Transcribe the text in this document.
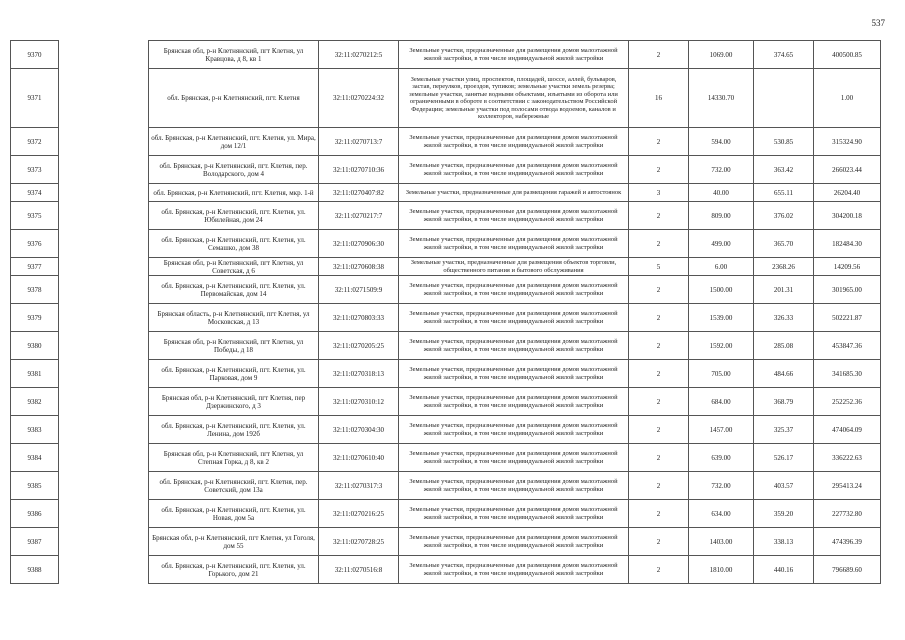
537
9370		Брянская обл, р-н Клетнянский, пгт Клетня, ул Кравцова, д 8, кв 1	32:11:0270212:5	Земельные участки, предназначенные для размещения домов малоэтажной жилой застройки, в том числе индивидуальной жилой застройки	2	1069.00	374.65	400500.85
9371		обл. Брянская, р-н Клетнянский, пгт. Клетня	32:11:0270224:32	Земельные участки улиц, проспектов, площадей, шоссе, аллей, бульваров, застав, переулков, проездов, тупиков; земельные участки земель резерва; земельные участки, занятые водными объектами, изъятыми из оборота или ограниченными в обороте в соответствии с законодательством Российской Федерации; земельные участки под полосами отвода водоемов, каналов и коллекторов, набережные	16	14330.70		1.00
9372		обл. Брянская, р-н Клетнянский, пгт. Клетня, ул. Мира, дом 12/1	32:11:0270713:7	Земельные участки, предназначенные для размещения домов малоэтажной жилой застройки, в том числе индивидуальной жилой застройки	2	594.00	530.85	315324.90
9373		обл. Брянская, р-н Клетнянский, пгт. Клетня, пер. Володарского, дом 4	32:11:0270710:36	Земельные участки, предназначенные для размещения домов малоэтажной жилой застройки, в том числе индивидуальной жилой застройки	2	732.00	363.42	266023.44
9374		обл. Брянская, р-н Клетнянский, пгт. Клетня, мкр. 1-й	32:11:0270407:82	Земельные участки, предназначенные для размещения гаражей и автостоянок	3	40.00	655.11	26204.40
9375		обл. Брянская, р-н Клетнянский, пгт. Клетня, ул. Юбилейная, дом 24	32:11:0270217:7	Земельные участки, предназначенные для размещения домов малоэтажной жилой застройки, в том числе индивидуальной жилой застройки	2	809.00	376.02	304200.18
9376		обл. Брянская, р-н Клетнянский, пгт. Клетня, ул. Семашко, дом 38	32:11:0270906:30	Земельные участки, предназначенные для размещения домов малоэтажной жилой застройки, в том числе индивидуальной жилой застройки	2	499.00	365.70	182484.30
9377		Брянская обл, р-н Клетнянский, пгт Клетня, ул Советская, д 6	32:11:0270608:38	Земельные участки, предназначенные для размещения объектов торговли, общественного питания и бытового обслуживания	5	6.00	2368.26	14209.56
9378		обл. Брянская, р-н Клетнянский, пгт. Клетня, ул. Первомайская, дом 14	32:11:0271509:9	Земельные участки, предназначенные для размещения домов малоэтажной жилой застройки, в том числе индивидуальной жилой застройки	2	1500.00	201.31	301965.00
9379		Брянская область, р-н Клетнянский, пгт Клетня, ул Московская, д 13	32:11:0270803:33	Земельные участки, предназначенные для размещения домов малоэтажной жилой застройки, в том числе индивидуальной жилой застройки	2	1539.00	326.33	502221.87
9380		Брянская обл, р-н Клетнянский, пгт Клетня, ул Победы, д 18	32:11:0270205:25	Земельные участки, предназначенные для размещения домов малоэтажной жилой застройки, в том числе индивидуальной жилой застройки	2	1592.00	285.08	453847.36
9381		обл. Брянская, р-н Клетнянский, пгт. Клетня, ул. Парковая, дом 9	32:11:0270318:13	Земельные участки, предназначенные для размещения домов малоэтажной жилой застройки, в том числе индивидуальной жилой застройки	2	705.00	484.66	341685.30
9382		Брянская обл, р-н Клетнянский, пгт Клетня, пер Дзержинского, д 3	32:11:0270310:12	Земельные участки, предназначенные для размещения домов малоэтажной жилой застройки, в том числе индивидуальной жилой застройки	2	684.00	368.79	252252.36
9383		обл. Брянская, р-н Клетнянский, пгт. Клетня, ул. Ленина, дом 192б	32:11:0270304:30	Земельные участки, предназначенные для размещения домов малоэтажной жилой застройки, в том числе индивидуальной жилой застройки	2	1457.00	325.37	474064.09
9384		Брянская обл, р-н Клетнянский, пгт Клетня, ул Степная Горка, д 8, кв 2	32:11:0270610:40	Земельные участки, предназначенные для размещения домов малоэтажной жилой застройки, в том числе индивидуальной жилой застройки	2	639.00	526.17	336222.63
9385		обл. Брянская, р-н Клетнянский, пгт. Клетня, пер. Советский, дом 13а	32:11:0270317:3	Земельные участки, предназначенные для размещения домов малоэтажной жилой застройки, в том числе индивидуальной жилой застройки	2	732.00	403.57	295413.24
9386		обл. Брянская, р-н Клетнянский, пгт. Клетня, ул. Новая, дом 5а	32:11:0270216:25	Земельные участки, предназначенные для размещения домов малоэтажной жилой застройки, в том числе индивидуальной жилой застройки	2	634.00	359.20	227732.80
9387		Брянская обл, р-н Клетнянский, пгт Клетня, ул Гоголя, дом 55	32:11:0270728:25	Земельные участки, предназначенные для размещения домов малоэтажной жилой застройки, в том числе индивидуальной жилой застройки	2	1403.00	338.13	474396.39
9388		обл. Брянская, р-н Клетнянский, пгт. Клетня, ул. Горького, дом 21	32:11:0270516:8	Земельные участки, предназначенные для размещения домов малоэтажной жилой застройки, в том числе индивидуальной жилой застройки	2	1810.00	440.16	796689.60
